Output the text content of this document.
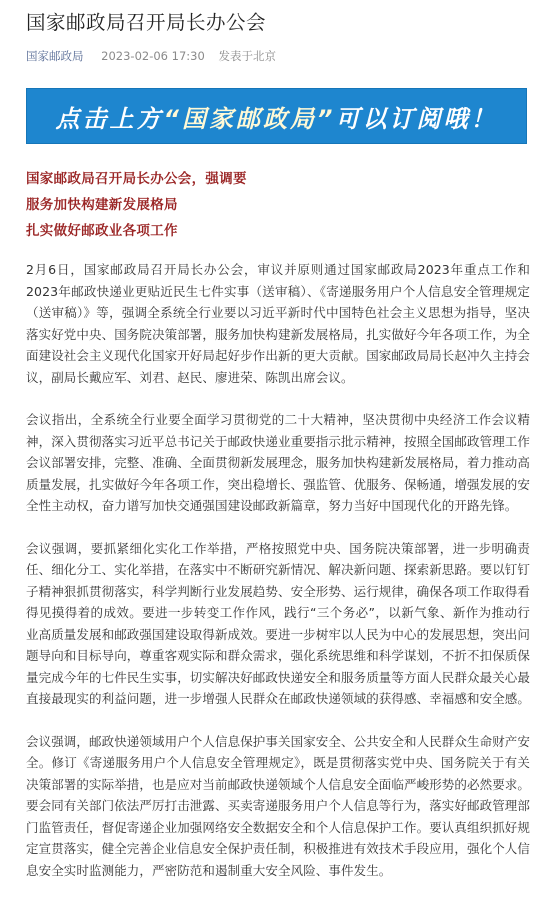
国家邮政局召开局长办公会
国家邮政局 2023-02-06 17:30 发表于北京
点击上方“国家邮政局”可以订阅哦！
国家邮政局召开局长办公会，强调要
服务加快构建新发展格局
扎实做好邮政业各项工作

2月6日，国家邮政局召开局长办公会，审议并原则通过国家邮政局2023年重点工作和2023年邮政快递业更贴近民生七件实事（送审稿）、《寄递服务用户个人信息安全管理规定（送审稿）》等，强调全系统全行业要以习近平新时代中国特色社会主义思想为指导，坚决落实好党中央、国务院决策部署，服务加快构建新发展格局，扎实做好今年各项工作，为全面建设社会主义现代化国家开好局起好步作出新的更大贡献。国家邮政局局长赵冲久主持会议，副局长戴应军、刘君、赵民、廖进荣、陈凯出席会议。

会议指出，全系统全行业要全面学习贯彻党的二十大精神，坚决贯彻中央经济工作会议精神，深入贯彻落实习近平总书记关于邮政快递业重要指示批示精神，按照全国邮政管理工作会议部署安排，完整、准确、全面贯彻新发展理念，服务加快构建新发展格局，着力推动高质量发展，扎实做好今年各项工作，突出稳增长、强监管、优服务、保畅通，增强发展的安全性主动权，奋力谱写加快交通强国建设邮政新篇章，努力当好中国现代化的开路先锋。

会议强调，要抓紧细化实化工作举措，严格按照党中央、国务院决策部署，进一步明确责任、细化分工、实化举措，在落实中不断研究新情况、解决新问题、探索新思路。要以钉钉子精神狠抓贯彻落实，科学判断行业发展趋势、安全形势、运行规律，确保各项工作取得看得见摸得着的成效。要进一步转变工作作风，践行“三个务必”，以新气象、新作为推动行业高质量发展和邮政强国建设取得新成效。要进一步树牢以人民为中心的发展思想，突出问题导向和目标导向，尊重客观实际和群众需求，强化系统思维和科学谋划，不折不扣保质保量完成今年的七件民生实事，切实解决好邮政快递安全和服务质量等方面人民群众最关心最直接最现实的利益问题，进一步增强人民群众在邮政快递领域的获得感、幸福感和安全感。

会议强调，邮政快递领域用户个人信息保护事关国家安全、公共安全和人民群众生命财产安全。修订《寄递服务用户个人信息安全管理规定》，既是贯彻落实党中央、国务院关于有关决策部署的实际举措，也是应对当前邮政快递领域个人信息安全面临严峻形势的必然要求。要会同有关部门依法严厉打击泄露、买卖寄递服务用户个人信息等行为，落实好邮政管理部门监管责任，督促寄递企业加强网络安全数据安全和个人信息保护工作。要认真组织抓好规定宣贯落实，健全完善企业信息安全保护责任制，积极推进有效技术手段应用，强化个人信息安全实时监测能力，严密防范和遏制重大安全风险、事件发生。
